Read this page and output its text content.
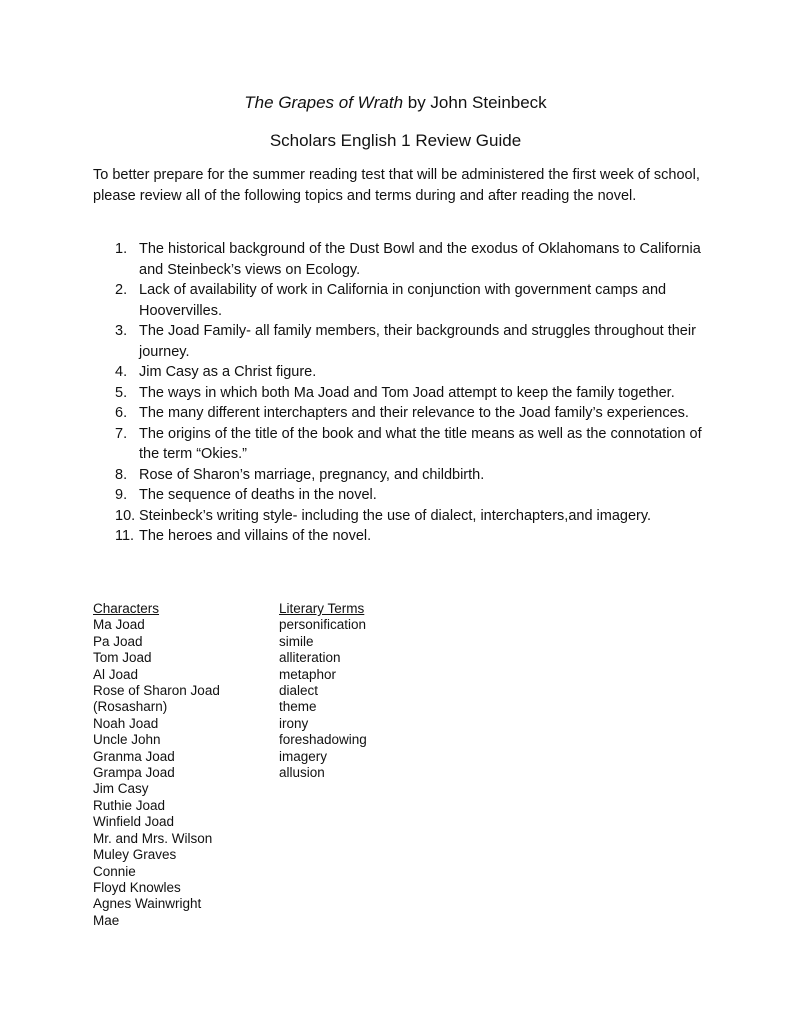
The Grapes of Wrath by John Steinbeck
Scholars English 1 Review Guide

To better prepare for the summer reading test that will be administered the first week of school, please review all of the following topics and terms during and after reading the novel.

1. The historical background of the Dust Bowl and the exodus of Oklahomans to California and Steinbeck’s views on Ecology.
2. Lack of availability of work in California in conjunction with government camps and Hoovervilles.
3. The Joad Family- all family members, their backgrounds and struggles throughout their journey.
4. Jim Casy as a Christ figure.
5. The ways in which both Ma Joad and Tom Joad attempt to keep the family together.
6. The many different interchapters and their relevance to the Joad family’s experiences.
7. The origins of the title of the book and what the title means as well as the connotation of the term “Okies.”
8. Rose of Sharon’s marriage, pregnancy, and childbirth.
9. The sequence of deaths in the novel.
10. Steinbeck’s writing style- including the use of dialect, interchapters,and imagery.
11. The heroes and villains of the novel.
Characters
Ma Joad
Pa Joad
Tom Joad
Al Joad
Rose of Sharon Joad
(Rosasharn)
Noah Joad
Uncle John
Granma Joad
Grampa Joad
Jim Casy
Ruthie Joad
Winfield Joad
Mr. and Mrs. Wilson
Muley Graves
Connie
Floyd Knowles
Agnes Wainwright
Mae
Literary Terms
personification
simile
alliteration
metaphor
dialect
theme
irony
foreshadowing
imagery
allusion
